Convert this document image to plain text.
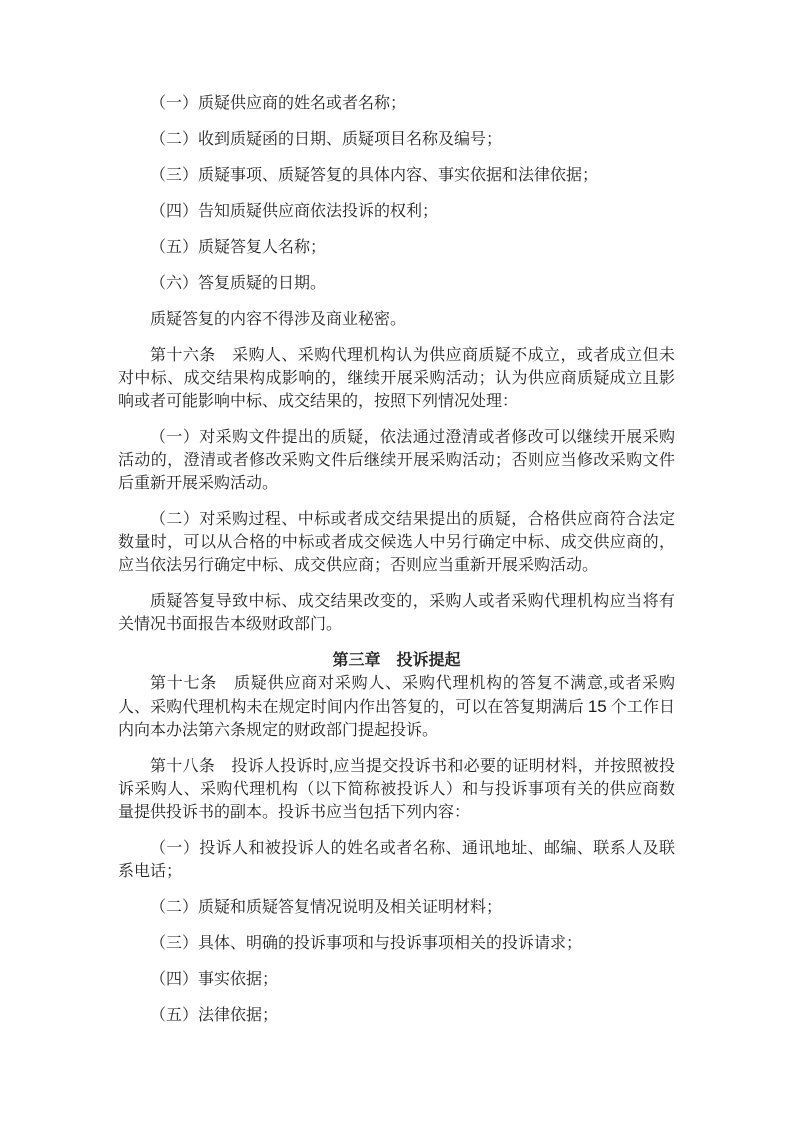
（一）质疑供应商的姓名或者名称；

（二）收到质疑函的日期、质疑项目名称及编号；

（三）质疑事项、质疑答复的具体内容、事实依据和法律依据；

（四）告知质疑供应商依法投诉的权利；

（五）质疑答复人名称；

（六）答复质疑的日期。

质疑答复的内容不得涉及商业秘密。

第十六条　采购人、采购代理机构认为供应商质疑不成立，或者成立但未对中标、成交结果构成影响的，继续开展采购活动；认为供应商质疑成立且影响或者可能影响中标、成交结果的，按照下列情况处理：

（一）对采购文件提出的质疑，依法通过澄清或者修改可以继续开展采购活动的，澄清或者修改采购文件后继续开展采购活动；否则应当修改采购文件后重新开展采购活动。

（二）对采购过程、中标或者成交结果提出的质疑，合格供应商符合法定数量时，可以从合格的中标或者成交候选人中另行确定中标、成交供应商的，应当依法另行确定中标、成交供应商；否则应当重新开展采购活动。

质疑答复导致中标、成交结果改变的，采购人或者采购代理机构应当将有关情况书面报告本级财政部门。

第三章　投诉提起

第十七条　质疑供应商对采购人、采购代理机构的答复不满意,或者采购人、采购代理机构未在规定时间内作出答复的，可以在答复期满后 15 个工作日内向本办法第六条规定的财政部门提起投诉。

第十八条　投诉人投诉时,应当提交投诉书和必要的证明材料，并按照被投诉采购人、采购代理机构（以下简称被投诉人）和与投诉事项有关的供应商数量提供投诉书的副本。投诉书应当包括下列内容：

（一）投诉人和被投诉人的姓名或者名称、通讯地址、邮编、联系人及联系电话；

（二）质疑和质疑答复情况说明及相关证明材料；

（三）具体、明确的投诉事项和与投诉事项相关的投诉请求；

（四）事实依据；

（五）法律依据；
